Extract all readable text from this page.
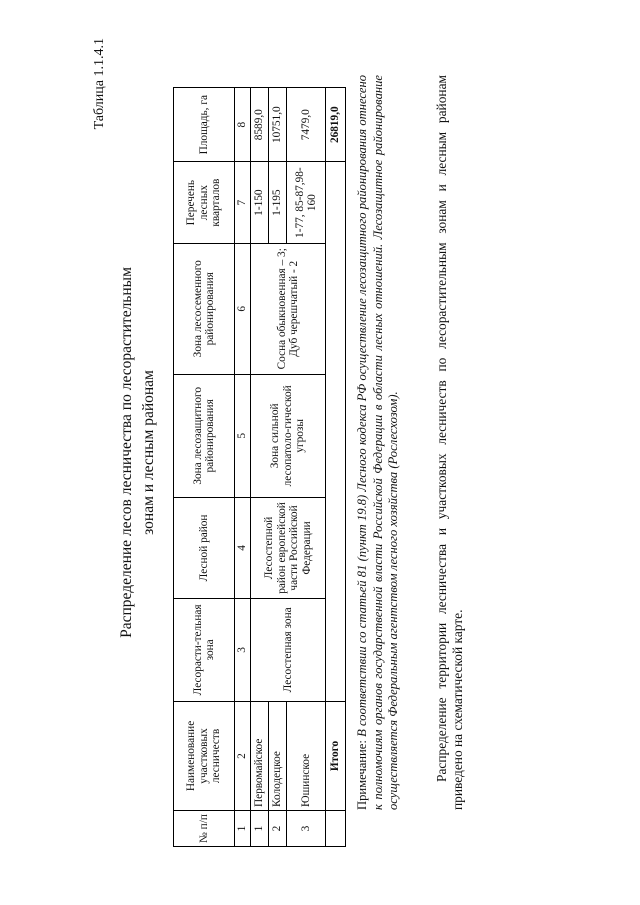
Таблица 1.1.4.1
Распределение лесов лесничества по лесорастительным зонам и лесным районам
№ п/п	Наименование участковых лесничеств	Лесорасти-тельная зона	Лесной район	Зона лесозащитного районирования	Зона лесосеменного районирования	Перечень лесных кварталов	Площадь, га
1	2	3	4	5	6	7	8
1	Первомайское	Лесостепная зона	Лесостепной район европейской части Российской Федерации	Зона сильной лесопатоло-гической угрозы	Сосна обыкновенная – 3; Дуб черешчатый - 2	1-150	8589,0
2	Колодецкое					1-195	10751,0
3	Юшинское					1-77, 85-87,98-160	7479,0
	Итого						26819,0
Примечание: В соответствии со статьей 81 (пункт 19.8) Лесного кодекса РФ осуществление лесозащитного районирования отнесено к полномочиям органов государственной власти Российской Федерации в области лесных отношений. Лесозащитное районирование осуществляется Федеральным агентством лесного хозяйства (Рослесхозом).	Распределение территории лесничества и участковых лесничеств по лесорастительным зонам и лесным районам приведено на схематической карте.
